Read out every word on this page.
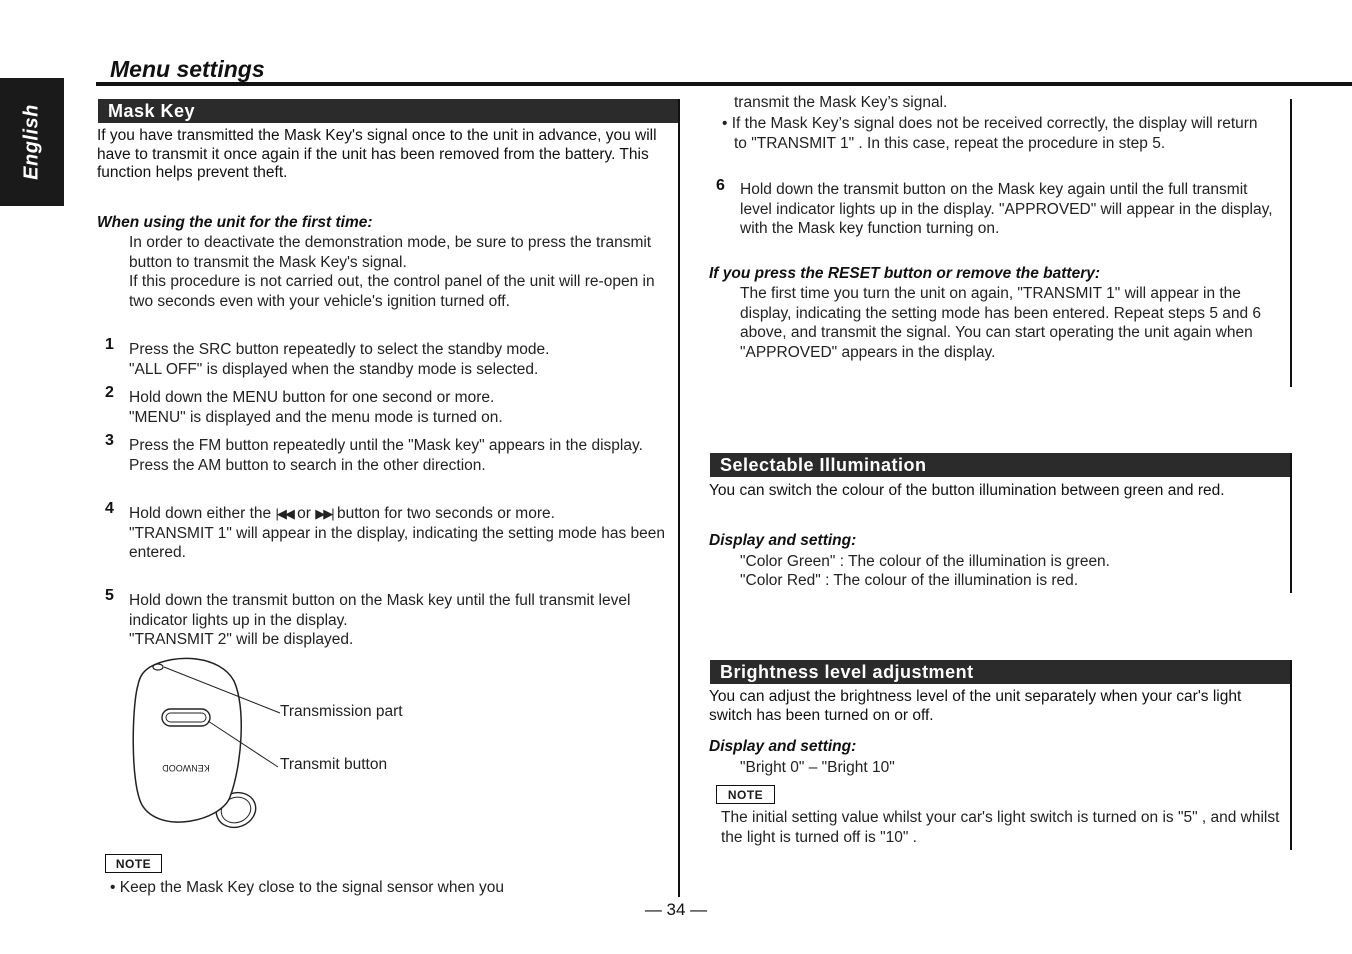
English
Menu settings
Mask Key
If you have transmitted the Mask Key's signal once to the unit in advance, you will have to transmit it once again if the unit has been removed from the battery. This function helps prevent theft.
When using the unit for the first time:
In order to deactivate the demonstration mode, be sure to press the transmit button to transmit the Mask Key's signal.
If this procedure is not carried out, the control panel of the unit will re-open in two seconds even with your vehicle's ignition turned off.
1 Press the SRC button repeatedly to select the standby mode.
"ALL OFF" is displayed when the standby mode is selected.
2 Hold down the MENU button for one second or more.
"MENU" is displayed and the menu mode is turned on.
3 Press the FM button repeatedly until the "Mask key" appears in the display.
Press the AM button to search in the other direction.
4 Hold down either the |◀◀ or ▶▶| button for two seconds or more.
"TRANSMIT 1" will appear in the display, indicating the setting mode has been entered.
5 Hold down the transmit button on the Mask key until the full transmit level indicator lights up in the display.
"TRANSMIT 2" will be displayed.
KENWOOD
Transmission part
Transmit button
NOTE
• Keep the Mask Key close to the signal sensor when you
transmit the Mask Key’s signal.
• If the Mask Key’s signal does not be received correctly, the display will return to "TRANSMIT 1" . In this case, repeat the procedure in step 5.
6 Hold down the transmit button on the Mask key again until the full transmit level indicator lights up in the display. "APPROVED" will appear in the display, with the Mask key function turning on.
If you press the RESET button or remove the battery:
The first time you turn the unit on again, "TRANSMIT 1" will appear in the display, indicating the setting mode has been entered. Repeat steps 5 and 6 above, and transmit the signal. You can start operating the unit again when "APPROVED" appears in the display.
Selectable Illumination
You can switch the colour of the button illumination between green and red.
Display and setting:
"Color Green" : The colour of the illumination is green.
"Color Red" : The colour of the illumination is red.
Brightness level adjustment
You can adjust the brightness level of the unit separately when your car's light switch has been turned on or off.
Display and setting:
"Bright 0" – "Bright 10"
NOTE
The initial setting value whilst your car's light switch is turned on is "5" , and whilst the light is turned off is "10" .
— 34 —
